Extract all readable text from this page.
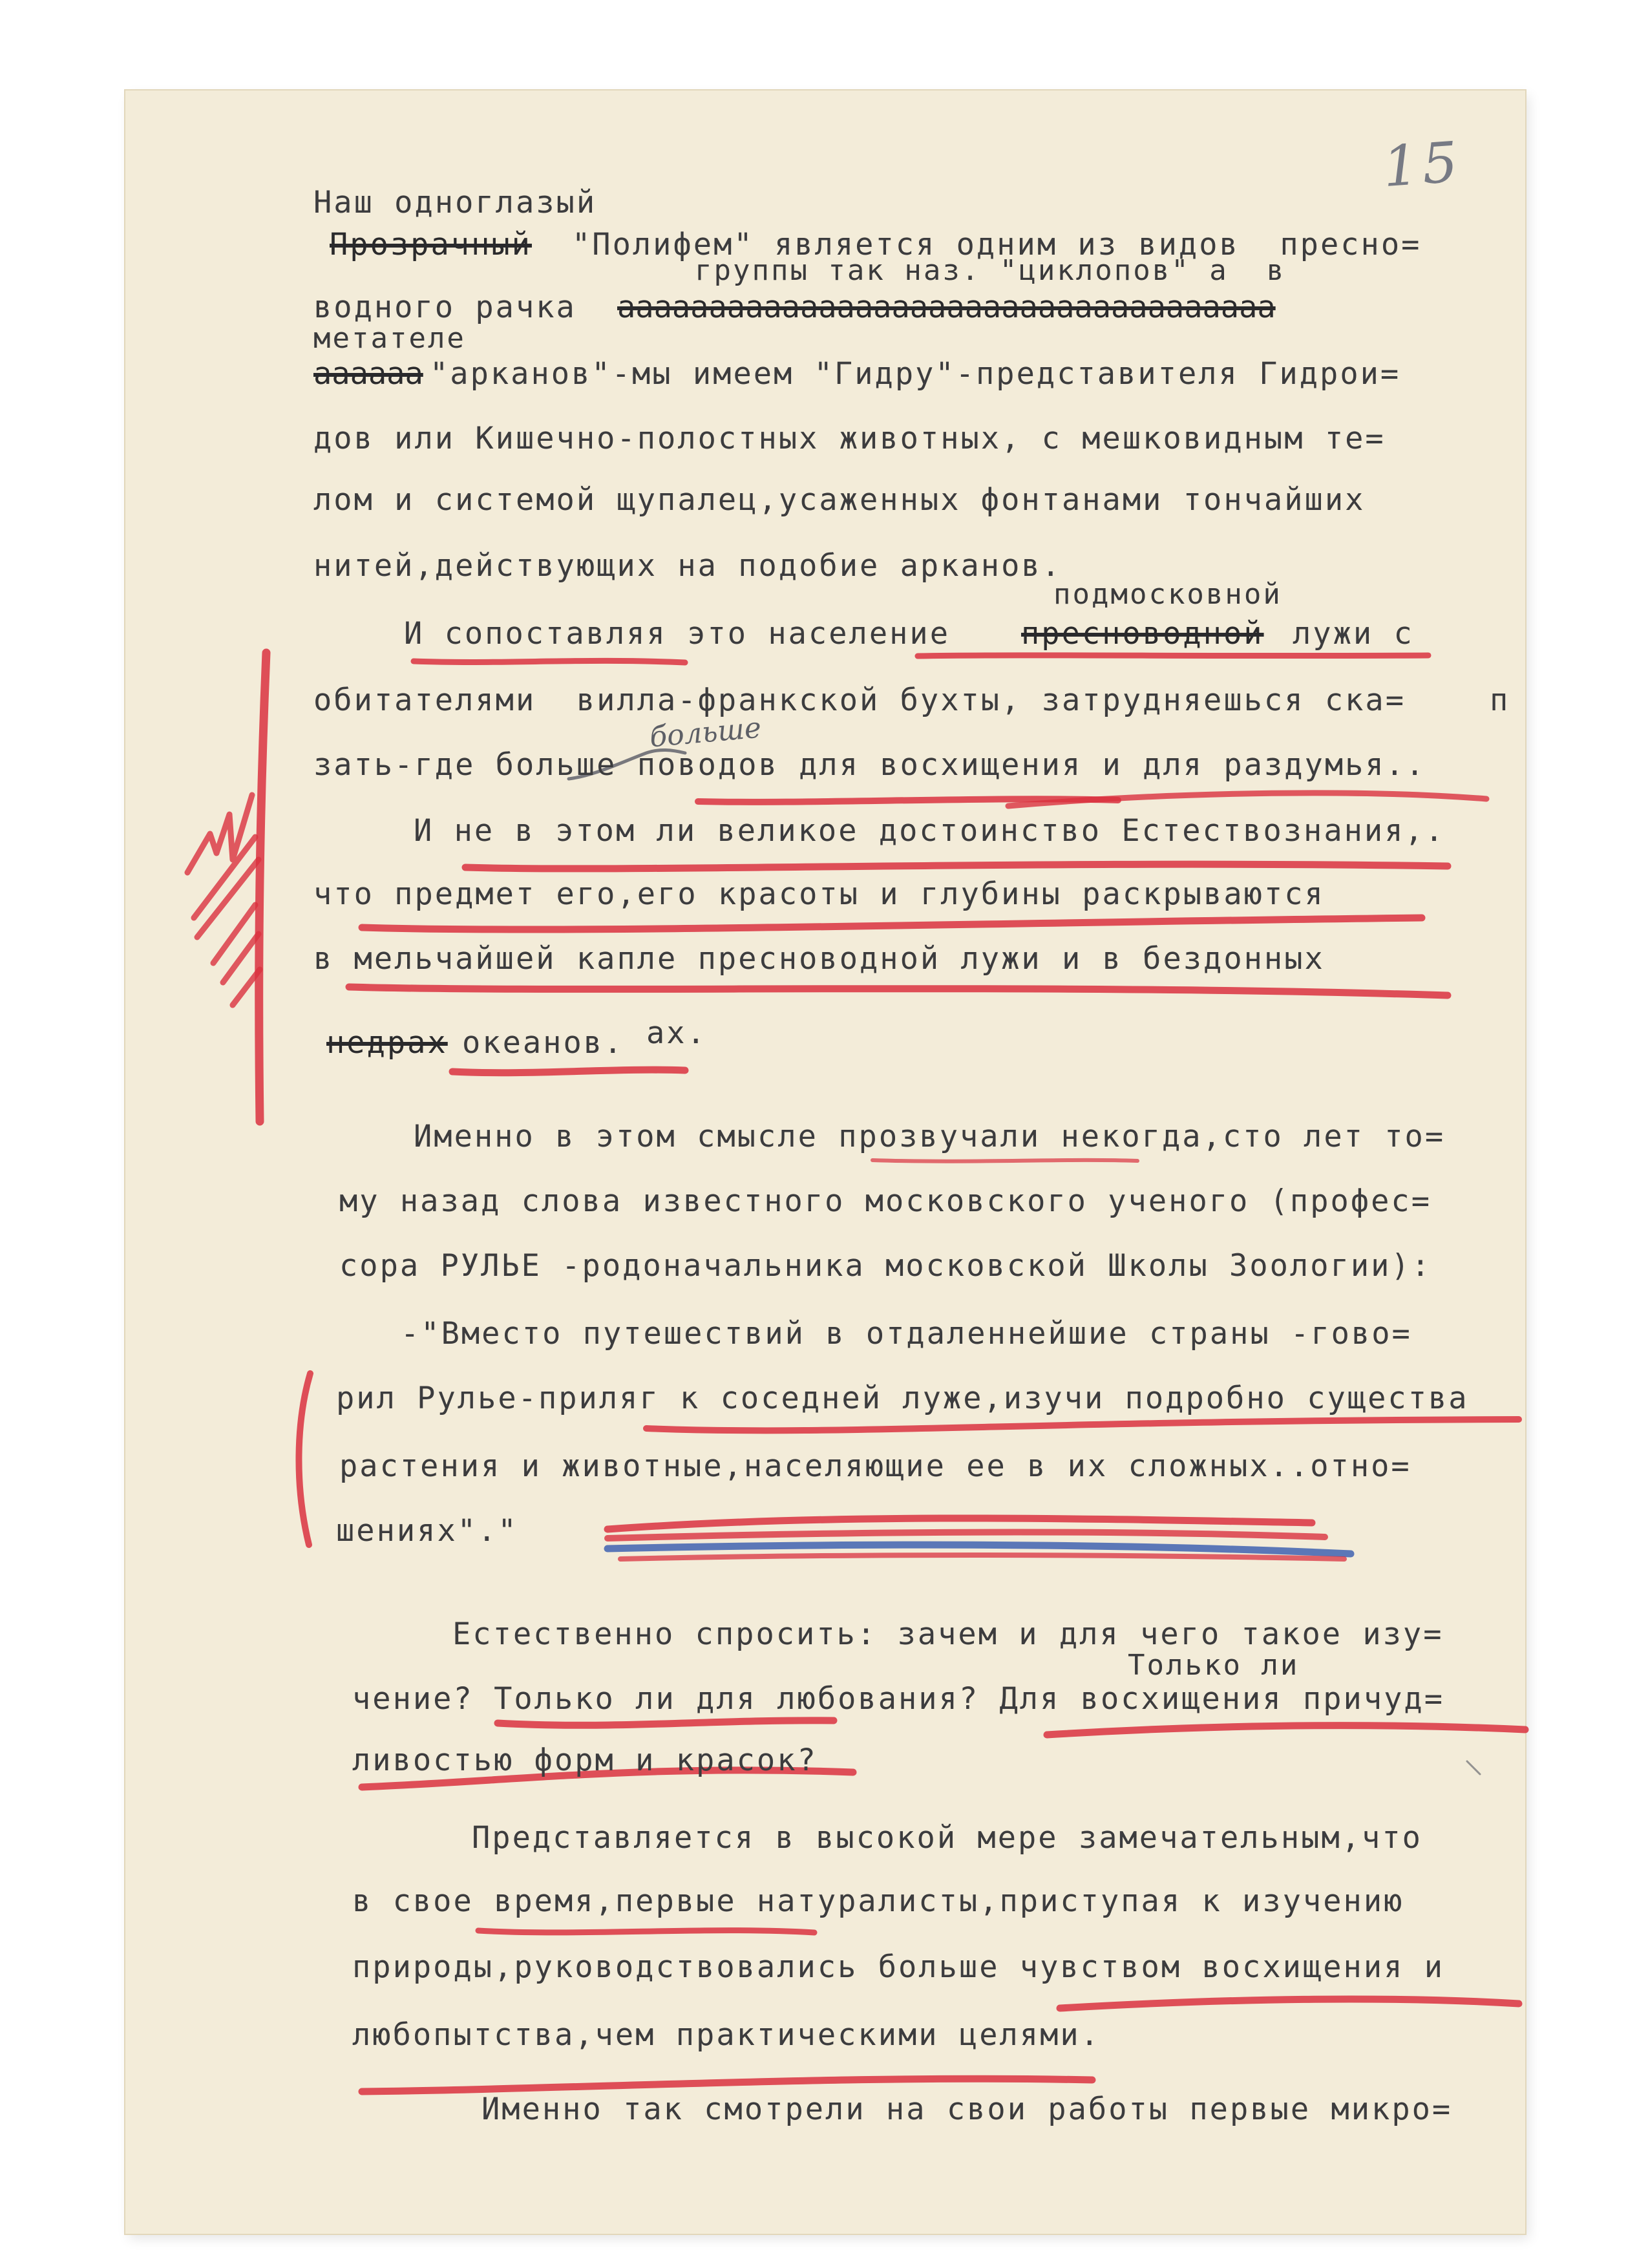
15
больше
Наш одноглазый
Прозрачный "Полифем" является одним из видов  пресно=
группы так наз. "циклопов" а  в
водного рачка аааааааааааааааааааааааааааааааааааа
метателе
аааааа "арканов"-мы имеем "Гидру"-представителя Гидрои=
дов или Кишечно-полостных животных, с мешковидным те=
лом и системой щупалец,усаженных фонтанами тончайших
нитей,действующих на подобие арканов.
подмосковной
И сопоставляя это население пресноводной лужи с
обитателями  вилла-франкской бухты, затрудняешься ска=	п
зать-где больше поводов для восхищения и для раздумья..
И не в этом ли великое достоинство Естествознания,.
что предмет его,его красоты и глубины раскрываются
в мельчайшей капле пресноводной лужи и в бездонных
недрах океанов. ах.
Именно в этом смысле прозвучали некогда,сто лет то=
му назад слова известного московского ученого (профес=
сора РУЛЬЕ -родоначальника московской Школы Зоологии):
-"Вместо путешествий в отдаленнейшие страны -гово=
рил Рулье-приляг к соседней луже,изучи подробно существа
растения и животные,населяющие ее в их сложных..отно=
шениях"."
Естественно спросить: зачем и для чего такое изу=
Только ли
чение? Только ли для любования? Для восхищения причуд=
ливостью форм и красок?
Представляется в высокой мере замечательным,что
в свое время,первые натуралисты,приступая к изучению
природы,руководствовались больше чувством восхищения и
любопытства,чем практическими целями.
Именно так смотрели на свои работы первые микро=
